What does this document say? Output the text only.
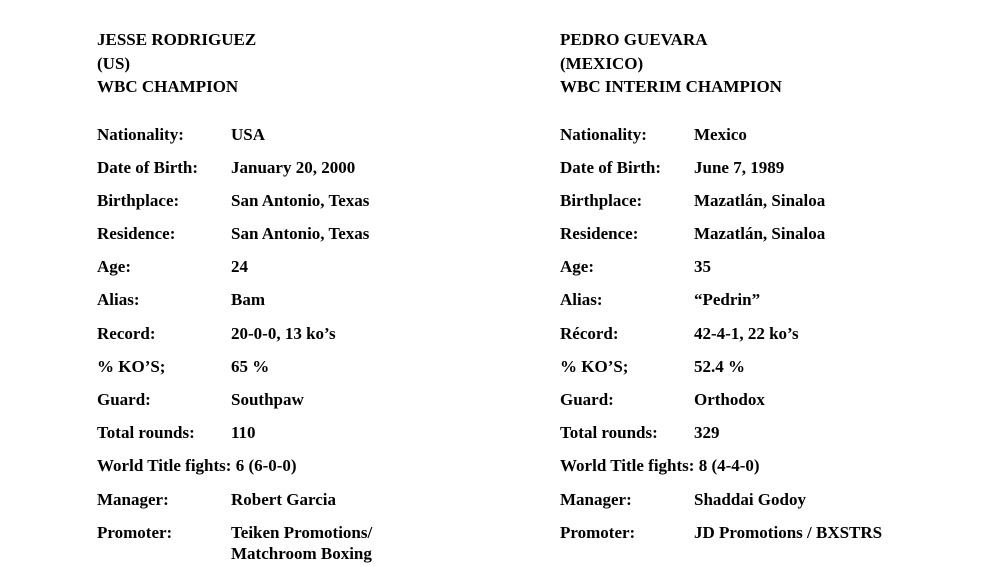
JESSE RODRIGUEZ
(US)
WBC CHAMPION
Nationality:	USA
Date of Birth: January 20, 2000
Birthplace:	San Antonio, Texas
Residence:	San Antonio, Texas
Age:	24
Alias:	Bam
Record:	20-0-0, 13 ko’s
% KO’S;	65 %
Guard:	Southpaw
Total rounds: 110
World Title fights: 6 (6-0-0)
Manager:	Robert Garcia
Promoter:	Teiken Promotions/
Matchroom Boxing
PEDRO GUEVARA
(MEXICO)
WBC INTERIM CHAMPION
Nationality:	Mexico
Date of Birth: June 7, 1989
Birthplace:	Mazatlán, Sinaloa
Residence:	Mazatlán, Sinaloa
Age:	35
Alias:	“Pedrin”
Récord:	42-4-1, 22 ko’s
% KO’S;	52.4 %
Guard:	Orthodox
Total rounds: 329
World Title fights: 8 (4-4-0)
Manager:	Shaddai Godoy
Promoter:	JD Promotions / BXSTRS
